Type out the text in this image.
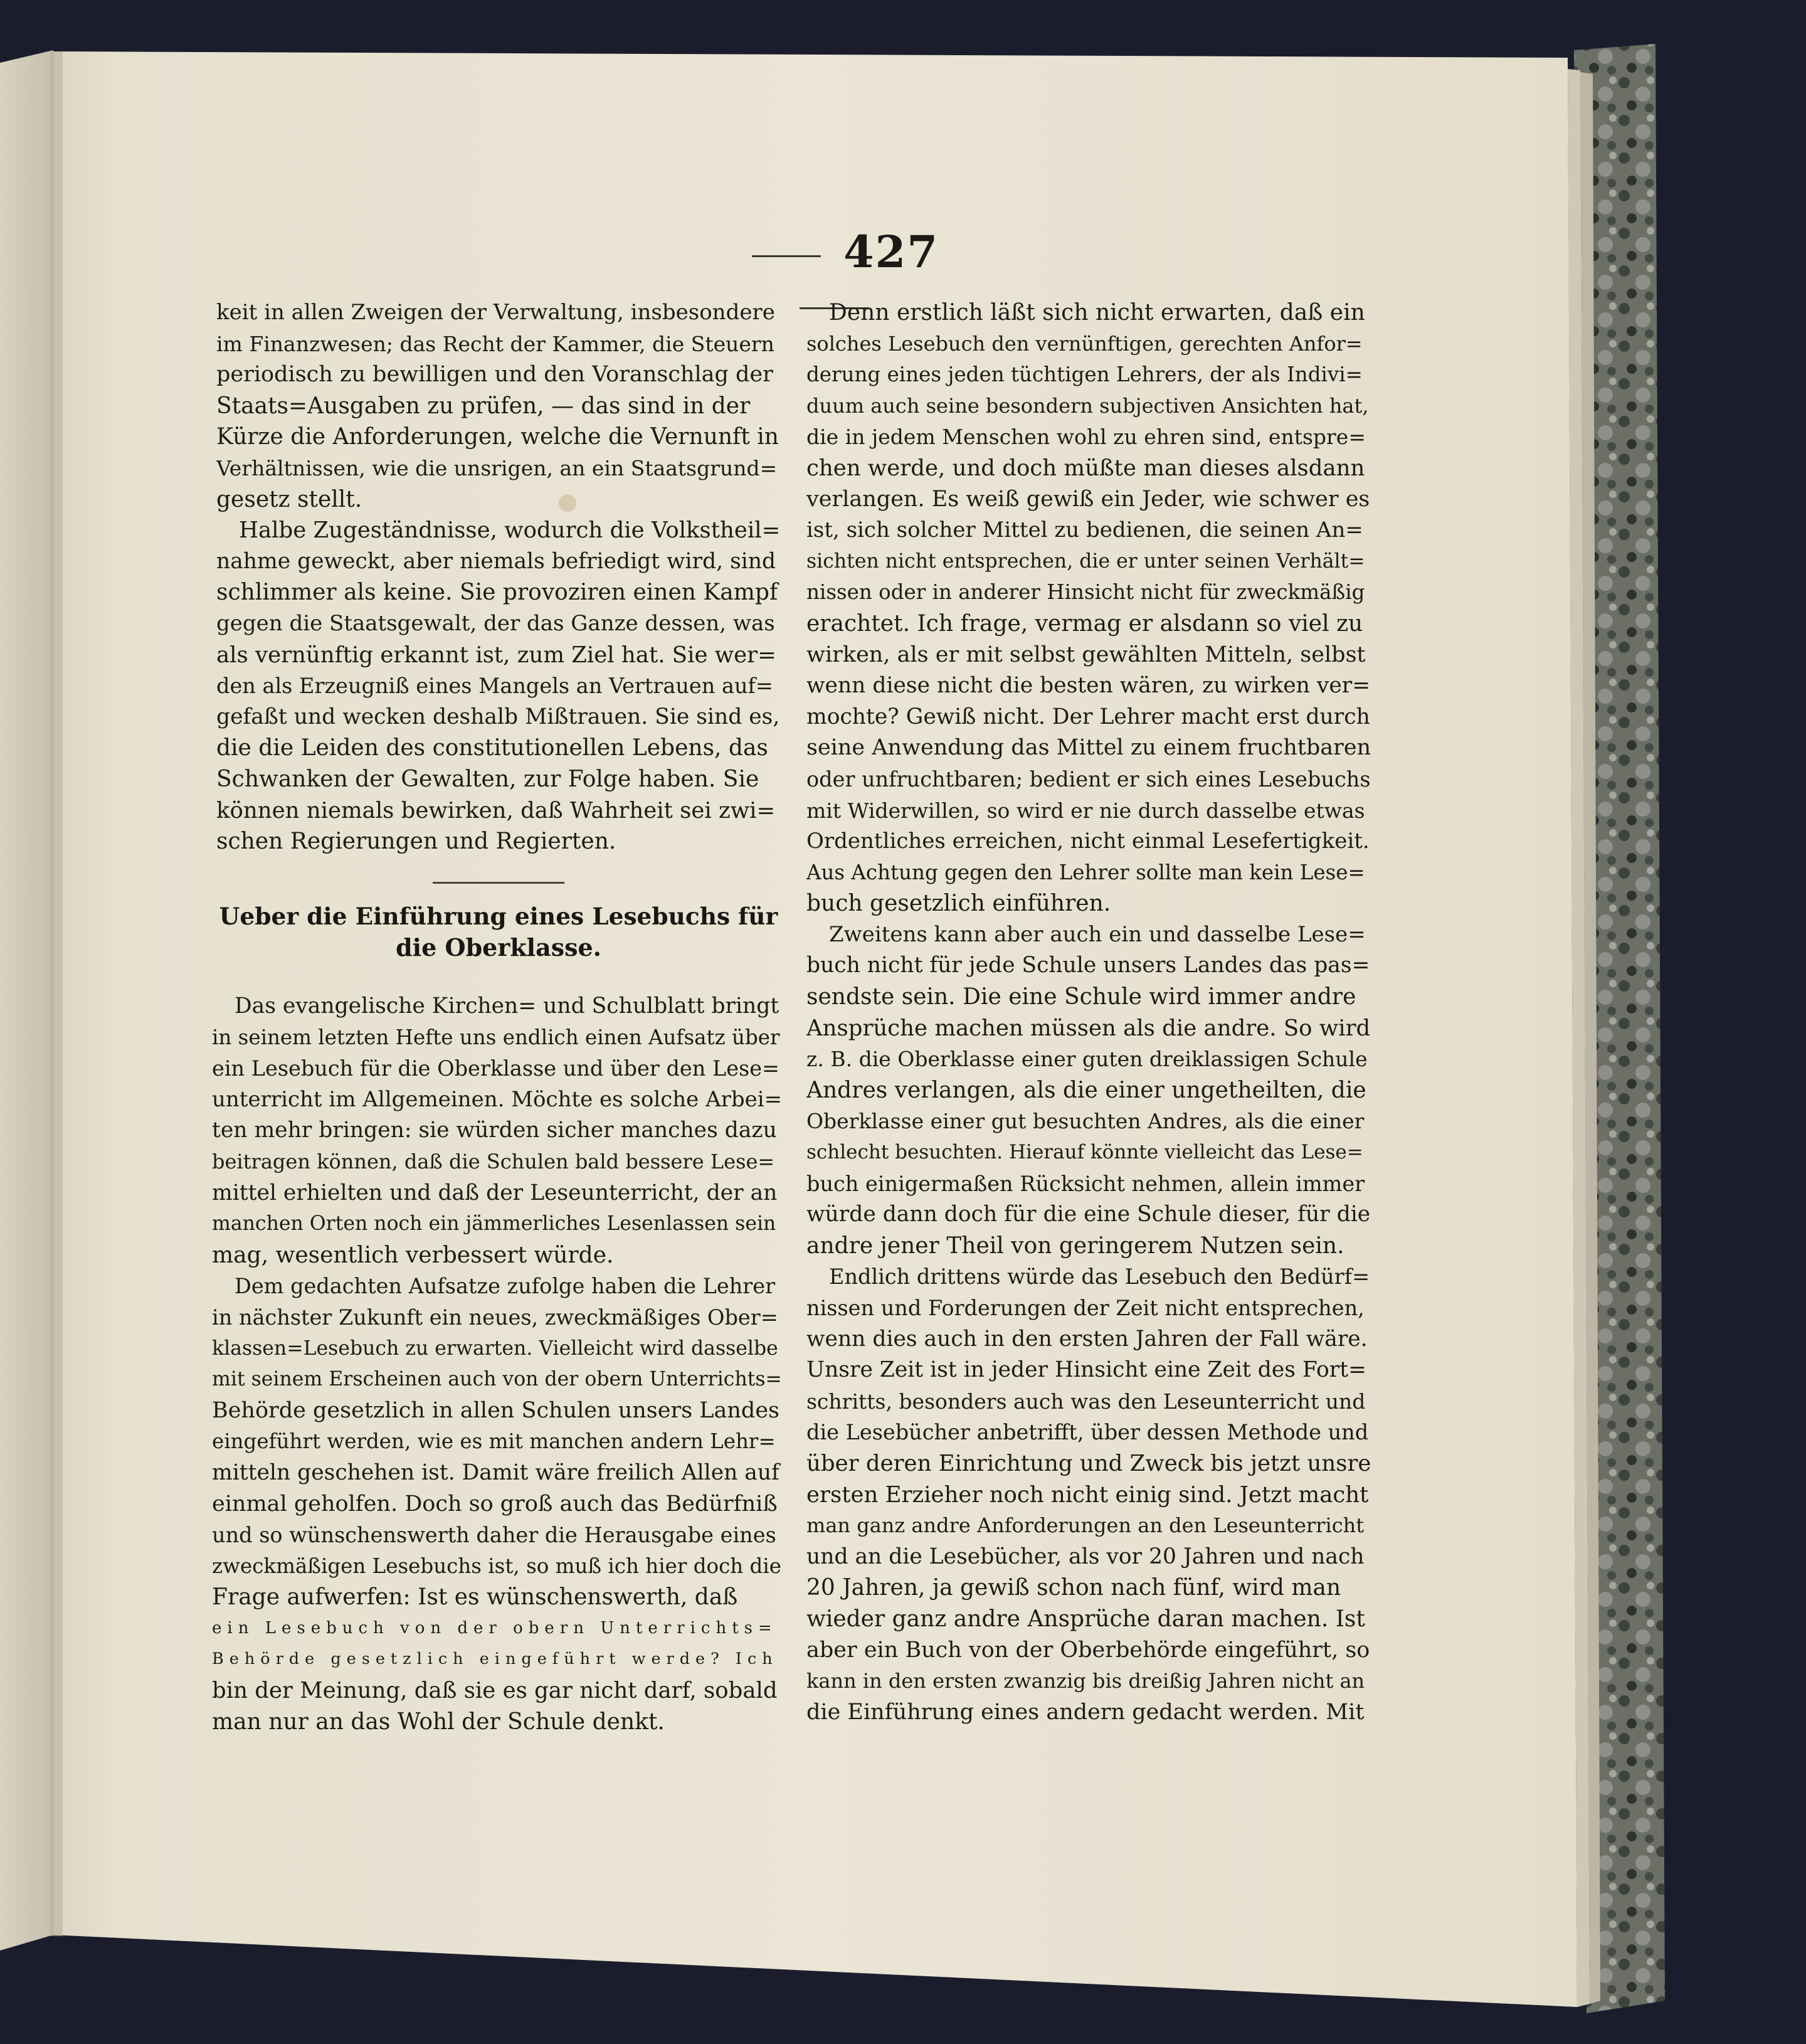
427
keit in allen Zweigen der Verwaltung, insbesondere
im Finanzwesen; das Recht der Kammer, die Steuern
periodisch zu bewilligen und den Voranschlag der
Staats=Ausgaben zu prüfen, — das sind in der
Kürze die Anforderungen, welche die Vernunft in
Verhältnissen, wie die unsrigen, an ein Staatsgrund=
gesetz stellt.
Halbe Zugeständnisse, wodurch die Volkstheil=
nahme geweckt, aber niemals befriedigt wird, sind
schlimmer als keine. Sie provoziren einen Kampf
gegen die Staatsgewalt, der das Ganze dessen, was
als vernünftig erkannt ist, zum Ziel hat. Sie wer=
den als Erzeugniß eines Mangels an Vertrauen auf=
gefaßt und wecken deshalb Mißtrauen. Sie sind es,
die die Leiden des constitutionellen Lebens, das
Schwanken der Gewalten, zur Folge haben. Sie
können niemals bewirken, daß Wahrheit sei zwi=
schen Regierungen und Regierten.
Ueber die Einführung eines Lesebuchs für
die Oberklasse.
Das evangelische Kirchen= und Schulblatt bringt
in seinem letzten Hefte uns endlich einen Aufsatz über
ein Lesebuch für die Oberklasse und über den Lese=
unterricht im Allgemeinen. Möchte es solche Arbei=
ten mehr bringen: sie würden sicher manches dazu
beitragen können, daß die Schulen bald bessere Lese=
mittel erhielten und daß der Leseunterricht, der an
manchen Orten noch ein jämmerliches Lesenlassen sein
mag, wesentlich verbessert würde.
Dem gedachten Aufsatze zufolge haben die Lehrer
in nächster Zukunft ein neues, zweckmäßiges Ober=
klassen=Lesebuch zu erwarten. Vielleicht wird dasselbe
mit seinem Erscheinen auch von der obern Unterrichts=
Behörde gesetzlich in allen Schulen unsers Landes
eingeführt werden, wie es mit manchen andern Lehr=
mitteln geschehen ist. Damit wäre freilich Allen auf
einmal geholfen. Doch so groß auch das Bedürfniß
und so wünschenswerth daher die Herausgabe eines
zweckmäßigen Lesebuchs ist, so muß ich hier doch die
Frage aufwerfen: Ist es wünschenswerth, daß
ein Lesebuch von der obern Unterrichts=
Behörde gesetzlich eingeführt werde? Ich
bin der Meinung, daß sie es gar nicht darf, sobald
man nur an das Wohl der Schule denkt.
Denn erstlich läßt sich nicht erwarten, daß ein
solches Lesebuch den vernünftigen, gerechten Anfor=
derung eines jeden tüchtigen Lehrers, der als Indivi=
duum auch seine besondern subjectiven Ansichten hat,
die in jedem Menschen wohl zu ehren sind, entspre=
chen werde, und doch müßte man dieses alsdann
verlangen. Es weiß gewiß ein Jeder, wie schwer es
ist, sich solcher Mittel zu bedienen, die seinen An=
sichten nicht entsprechen, die er unter seinen Verhält=
nissen oder in anderer Hinsicht nicht für zweckmäßig
erachtet. Ich frage, vermag er alsdann so viel zu
wirken, als er mit selbst gewählten Mitteln, selbst
wenn diese nicht die besten wären, zu wirken ver=
mochte? Gewiß nicht. Der Lehrer macht erst durch
seine Anwendung das Mittel zu einem fruchtbaren
oder unfruchtbaren; bedient er sich eines Lesebuchs
mit Widerwillen, so wird er nie durch dasselbe etwas
Ordentliches erreichen, nicht einmal Lesefertigkeit.
Aus Achtung gegen den Lehrer sollte man kein Lese=
buch gesetzlich einführen.
Zweitens kann aber auch ein und dasselbe Lese=
buch nicht für jede Schule unsers Landes das pas=
sendste sein. Die eine Schule wird immer andre
Ansprüche machen müssen als die andre. So wird
z. B. die Oberklasse einer guten dreiklassigen Schule
Andres verlangen, als die einer ungetheilten, die
Oberklasse einer gut besuchten Andres, als die einer
schlecht besuchten. Hierauf könnte vielleicht das Lese=
buch einigermaßen Rücksicht nehmen, allein immer
würde dann doch für die eine Schule dieser, für die
andre jener Theil von geringerem Nutzen sein.
Endlich drittens würde das Lesebuch den Bedürf=
nissen und Forderungen der Zeit nicht entsprechen,
wenn dies auch in den ersten Jahren der Fall wäre.
Unsre Zeit ist in jeder Hinsicht eine Zeit des Fort=
schritts, besonders auch was den Leseunterricht und
die Lesebücher anbetrifft, über dessen Methode und
über deren Einrichtung und Zweck bis jetzt unsre
ersten Erzieher noch nicht einig sind. Jetzt macht
man ganz andre Anforderungen an den Leseunterricht
und an die Lesebücher, als vor 20 Jahren und nach
20 Jahren, ja gewiß schon nach fünf, wird man
wieder ganz andre Ansprüche daran machen. Ist
aber ein Buch von der Oberbehörde eingeführt, so
kann in den ersten zwanzig bis dreißig Jahren nicht an
die Einführung eines andern gedacht werden. Mit
